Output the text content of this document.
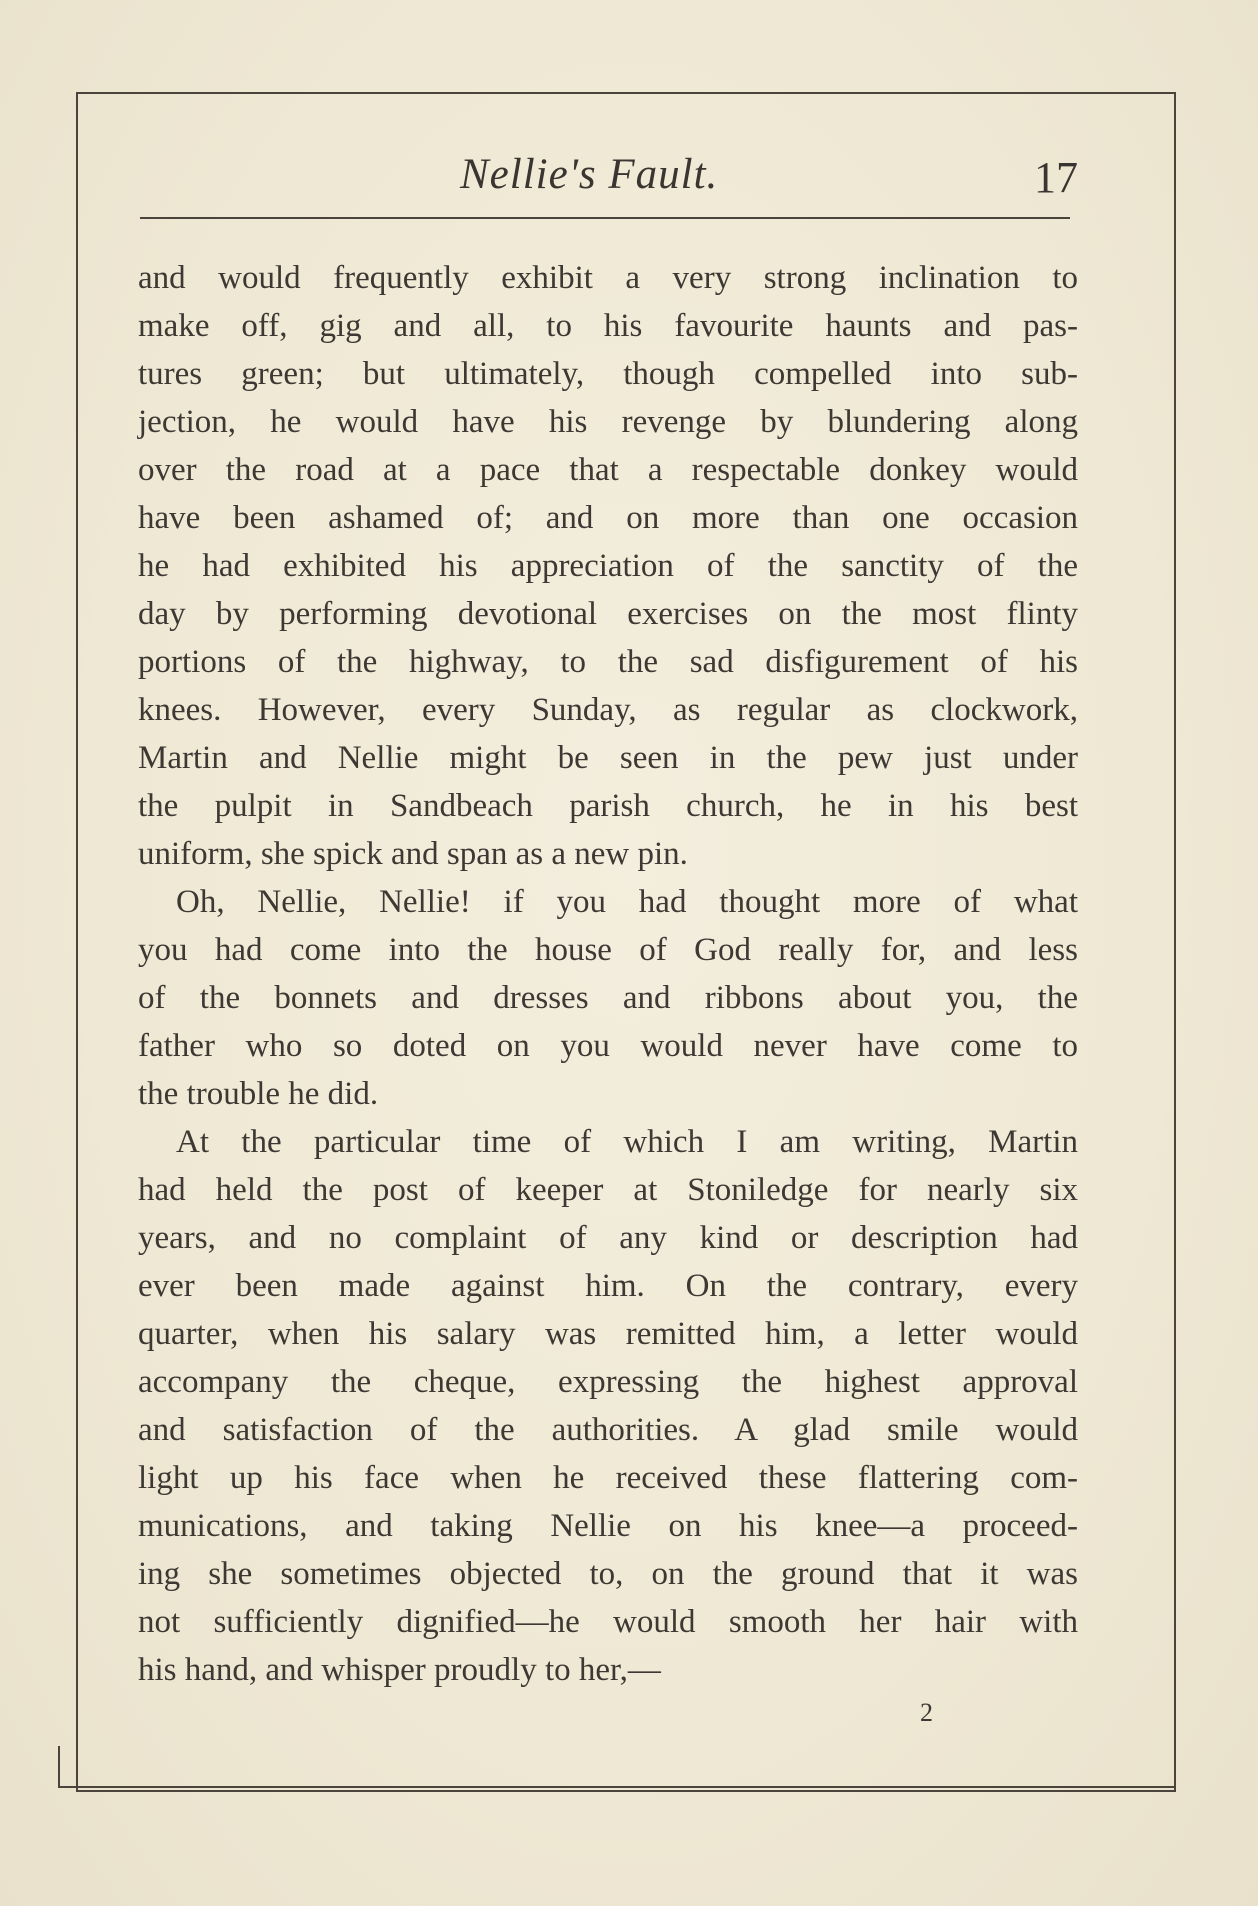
Nellie's Fault.	17
and would frequently exhibit a very strong inclination to
make off, gig and all, to his favourite haunts and pas-
tures green; but ultimately, though compelled into sub-
jection, he would have his revenge by blundering along
over the road at a pace that a respectable donkey would
have been ashamed of; and on more than one occasion
he had exhibited his appreciation of the sanctity of the
day by performing devotional exercises on the most flinty
portions of the highway, to the sad disfigurement of his
knees. However, every Sunday, as regular as clockwork,
Martin and Nellie might be seen in the pew just under
the pulpit in Sandbeach parish church, he in his best
uniform, she spick and span as a new pin.
Oh, Nellie, Nellie! if you had thought more of what
you had come into the house of God really for, and less
of the bonnets and dresses and ribbons about you, the
father who so doted on you would never have come to
the trouble he did.
At the particular time of which I am writing, Martin
had held the post of keeper at Stoniledge for nearly six
years, and no complaint of any kind or description had
ever been made against him. On the contrary, every
quarter, when his salary was remitted him, a letter would
accompany the cheque, expressing the highest approval
and satisfaction of the authorities. A glad smile would
light up his face when he received these flattering com-
munications, and taking Nellie on his knee—a proceed-
ing she sometimes objected to, on the ground that it was
not sufficiently dignified—he would smooth her hair with
his hand, and whisper proudly to her,—
2
